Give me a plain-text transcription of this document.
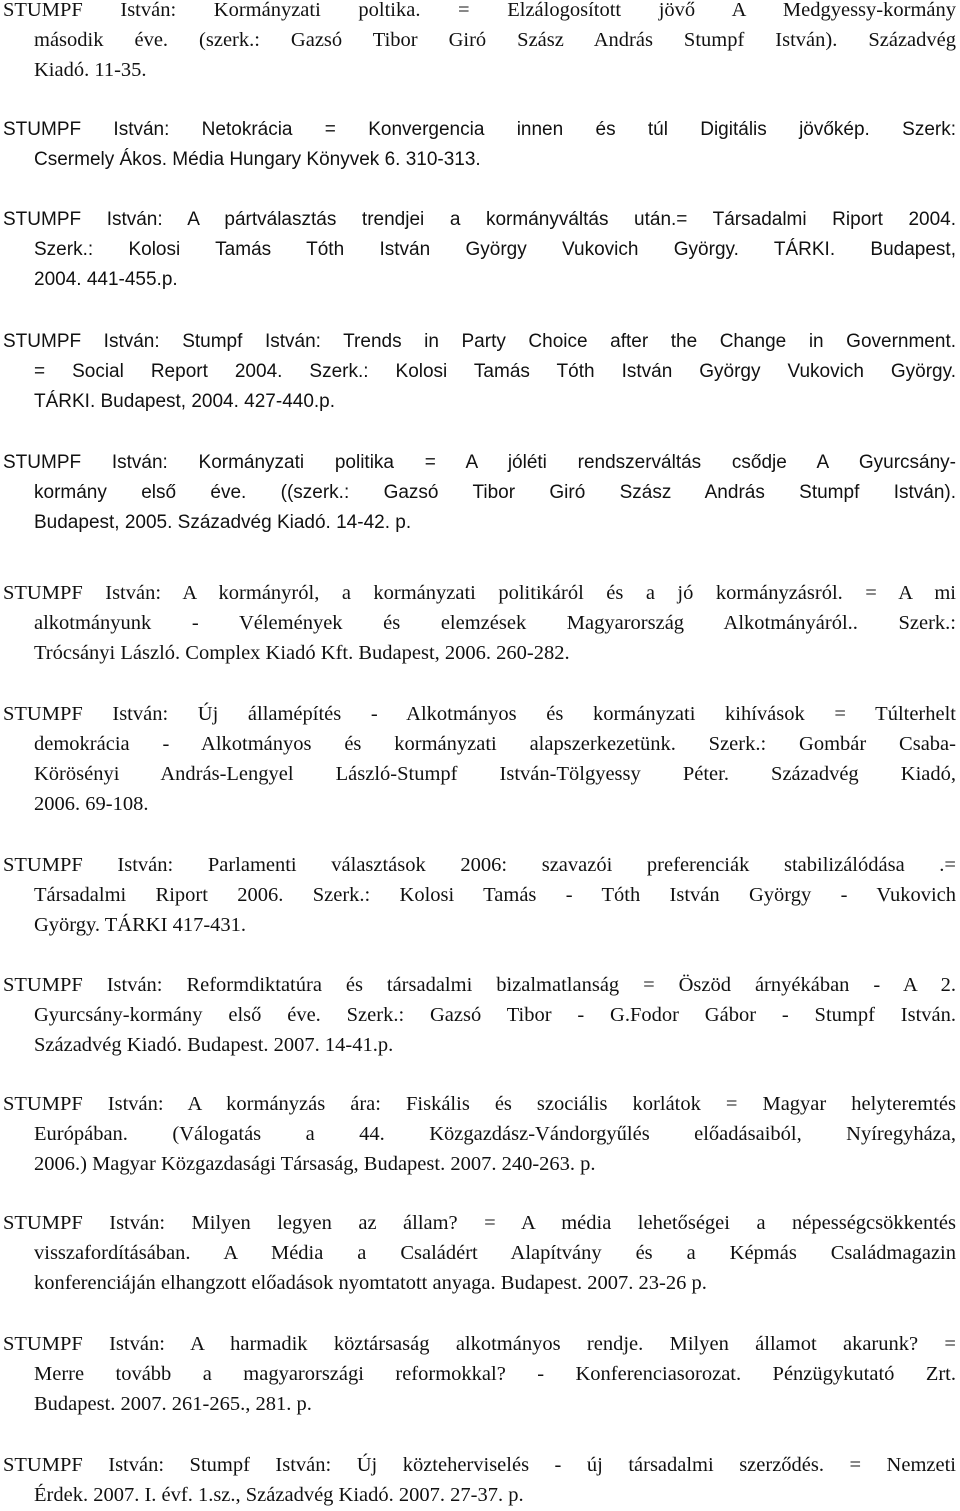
STUMPF István: Kormányzati poltika. = Elzálogosított jövő A Medgyessy-kormány
második éve. (szerk.: Gazsó Tibor Giró Szász András Stumpf István). Századvég
Kiadó. 11-35.
STUMPF István: Netokrácia = Konvergencia innen és túl Digitális jövőkép. Szerk:
Csermely Ákos. Média Hungary Könyvek 6. 310-313.
STUMPF István: A pártválasztás trendjei a kormányváltás után.= Társadalmi Riport 2004.
Szerk.: Kolosi Tamás Tóth István György Vukovich György. TÁRKI. Budapest,
2004. 441-455.p.
STUMPF István: Stumpf István: Trends in Party Choice after the Change in Government.
= Social Report 2004. Szerk.: Kolosi Tamás Tóth István György Vukovich György.
TÁRKI. Budapest, 2004. 427-440.p.
STUMPF István: Kormányzati politika = A jóléti rendszerváltás csődje A Gyurcsány-
kormány első éve. ((szerk.: Gazsó Tibor Giró Szász András Stumpf István).
Budapest, 2005. Századvég Kiadó. 14-42. p.
STUMPF István: A kormányról, a kormányzati politikáról és a jó kormányzásról. = A mi
alkotmányunk - Vélemények és elemzések Magyarország Alkotmányáról.. Szerk.:
Trócsányi László. Complex Kiadó Kft. Budapest, 2006. 260-282.
STUMPF István: Új államépítés - Alkotmányos és kormányzati kihívások = Túlterhelt
demokrácia - Alkotmányos és kormányzati alapszerkezetünk. Szerk.: Gombár Csaba-
Körösényi András-Lengyel László-Stumpf István-Tölgyessy Péter. Századvég Kiadó,
2006. 69-108.
STUMPF István: Parlamenti választások 2006: szavazói preferenciák stabilizálódása .=
Társadalmi Riport 2006. Szerk.: Kolosi Tamás - Tóth István György - Vukovich
György. TÁRKI 417-431.
STUMPF István: Reformdiktatúra és társadalmi bizalmatlanság = Öszöd árnyékában - A 2.
Gyurcsány-kormány első éve. Szerk.: Gazsó Tibor - G.Fodor Gábor - Stumpf István.
Századvég Kiadó. Budapest. 2007. 14-41.p.
STUMPF István: A kormányzás ára: Fiskális és szociális korlátok = Magyar helyteremtés
Európában. (Válogatás a 44. Közgazdász-Vándorgyűlés előadásaiból, Nyíregyháza,
2006.) Magyar Közgazdasági Társaság, Budapest. 2007. 240-263. p.
STUMPF István: Milyen legyen az állam? = A média lehetőségei a népességcsökkentés
visszafordításában. A Média a Családért Alapítvány és a Képmás Családmagazin
konferenciáján elhangzott előadások nyomtatott anyaga. Budapest. 2007. 23-26 p.
STUMPF István: A harmadik köztársaság alkotmányos rendje. Milyen államot akarunk? =
Merre tovább a magyarországi reformokkal? - Konferenciasorozat. Pénzügykutató Zrt.
Budapest. 2007. 261-265., 281. p.
STUMPF István: Stumpf István: Új közteherviselés - új társadalmi szerződés. = Nemzeti
Érdek. 2007. I. évf. 1.sz., Századvég Kiadó. 2007. 27-37. p.
